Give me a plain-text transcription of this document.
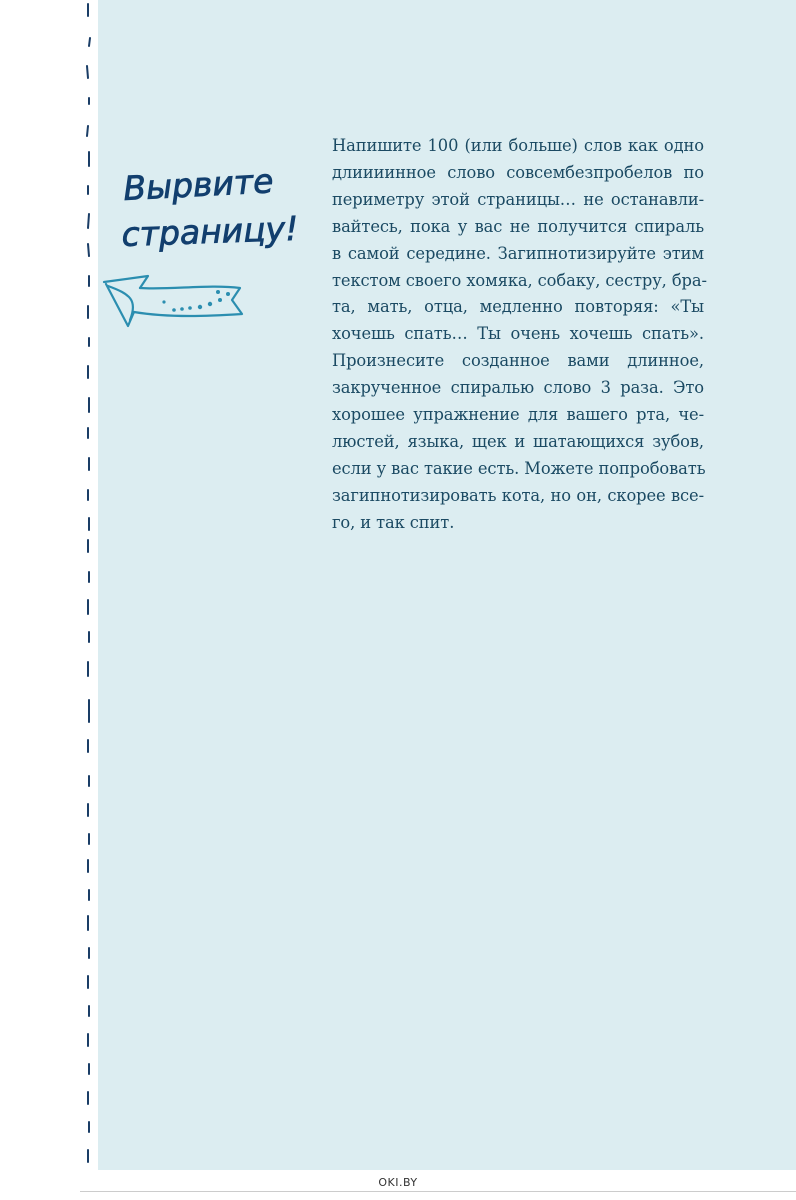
Вырвите
страницу!
Напишите 100 (или больше) слов как одно
длиииинное слово совсембезпробелов по
периметру этой страницы… не останавли-
вайтесь, пока у вас не получится спираль
в самой середине. Загипнотизируйте этим
текстом своего хомяка, собаку, сестру, бра-
та, мать, отца, медленно повторяя: «Ты
хочешь спать… Ты очень хочешь спать».
Произнесите созданное вами длинное,
закрученное спиралью слово 3 раза. Это
хорошее упражнение для вашего рта, че-
люстей, языка, щек и шатающихся зубов,
если у вас такие есть. Можете попробовать
загипнотизировать кота, но он, скорее все-
го, и так спит.
OKI.BY
